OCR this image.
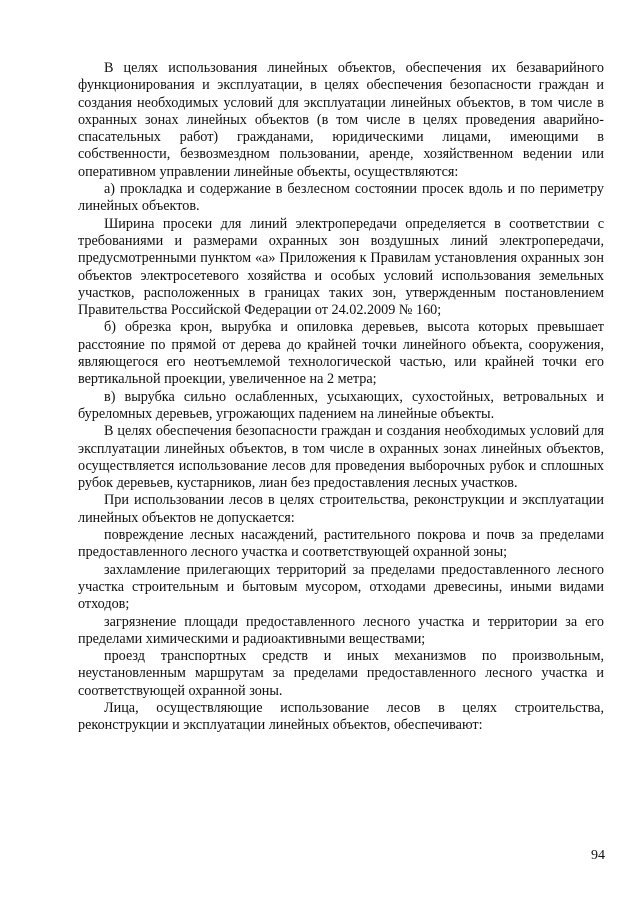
В целях использования линейных объектов, обеспечения их безаварийного функционирования и эксплуатации, в целях обеспечения безопасности граждан и создания необходимых условий для эксплуатации линейных объектов, в том числе в охранных зонах линейных объектов (в том числе в целях проведения аварийно-спасательных работ) гражданами, юридическими лицами, имеющими в собственности, безвозмездном пользовании, аренде, хозяйственном ведении или оперативном управлении линейные объекты, осуществляются:

а) прокладка и содержание в безлесном состоянии просек вдоль и по периметру линейных объектов.

Ширина просеки для линий электропередачи определяется в соответствии с требованиями и размерами охранных зон воздушных линий электропередачи, предусмотренными пунктом «а» Приложения к Правилам установления охранных зон объектов электросетевого хозяйства и особых условий использования земельных участков, расположенных в границах таких зон, утвержденным постановлением Правительства Российской Федерации от 24.02.2009 № 160;

б) обрезка крон, вырубка и опиловка деревьев, высота которых превышает расстояние по прямой от дерева до крайней точки линейного объекта, сооружения, являющегося его неотъемлемой технологической частью, или крайней точки его вертикальной проекции, увеличенное на 2 метра;

в) вырубка сильно ослабленных, усыхающих, сухостойных, ветровальных и буреломных деревьев, угрожающих падением на линейные объекты.

В целях обеспечения безопасности граждан и создания необходимых условий для эксплуатации линейных объектов, в том числе в охранных зонах линейных объектов, осуществляется использование лесов для проведения выборочных рубок и сплошных рубок деревьев, кустарников, лиан без предоставления лесных участков.

При использовании лесов в целях строительства, реконструкции и эксплуатации линейных объектов не допускается:

повреждение лесных насаждений, растительного покрова и почв за пределами предоставленного лесного участка и соответствующей охранной зоны;

захламление прилегающих территорий за пределами предоставленного лесного участка строительным и бытовым мусором, отходами древесины, иными видами отходов;

загрязнение площади предоставленного лесного участка и территории за его пределами химическими и радиоактивными веществами;

проезд транспортных средств и иных механизмов по произвольным, неустановленным маршрутам за пределами предоставленного лесного участка и соответствующей охранной зоны.

Лица, осуществляющие использование лесов в целях строительства, реконструкции и эксплуатации линейных объектов, обеспечивают:

94
